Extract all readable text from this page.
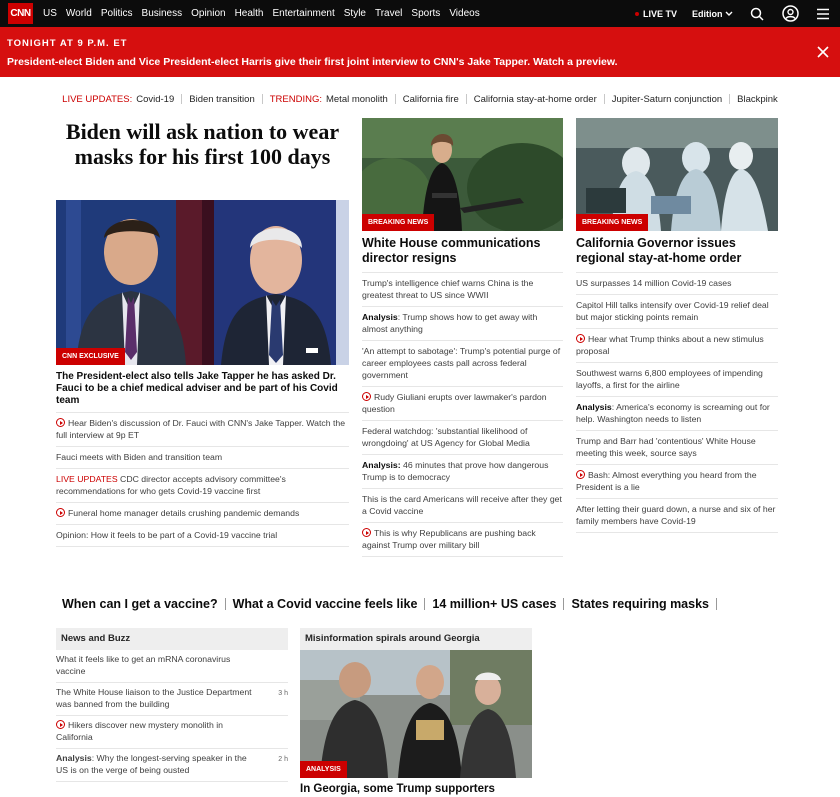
CNN US World Politics Business Opinion Health Entertainment Style Travel Sports Videos	LIVE TV Edition
TONIGHT AT 9 P.M. ET
President-elect Biden and Vice President-elect Harris give their first joint interview to CNN's Jake Tapper. Watch a preview.
LIVE UPDATES: Covid-19 Biden transition TRENDING: Metal monolith California fire California stay-at-home order Jupiter-Saturn conjunction Blackpink
Biden will ask nation to wear masks for his first 100 days
CNN EXCLUSIVE
The President-elect also tells Jake Tapper he has asked Dr. Fauci to be a chief medical adviser and be part of his Covid team
Hear Biden's discussion of Dr. Fauci with CNN's Jake Tapper. Watch the full interview at 9p ET
Fauci meets with Biden and transition team
LIVE UPDATES CDC director accepts advisory committee's recommendations for who gets Covid-19 vaccine first
Funeral home manager details crushing pandemic demands
Opinion: How it feels to be part of a Covid-19 vaccine trial
BREAKING NEWS
White House communications director resigns
Trump's intelligence chief warns China is the greatest threat to US since WWII
Analysis: Trump shows how to get away with almost anything
'An attempt to sabotage': Trump's potential purge of career employees casts pall across federal government
Rudy Giuliani erupts over lawmaker's pardon question
Federal watchdog: 'substantial likelihood of wrongdoing' at US Agency for Global Media
Analysis: 46 minutes that prove how dangerous Trump is to democracy
This is the card Americans will receive after they get a Covid vaccine
This is why Republicans are pushing back against Trump over military bill
BREAKING NEWS
California Governor issues regional stay-at-home order
US surpasses 14 million Covid-19 cases
Capitol Hill talks intensify over Covid-19 relief deal but major sticking points remain
Hear what Trump thinks about a new stimulus proposal
Southwest warns 6,800 employees of impending layoffs, a first for the airline
Analysis: America's economy is screaming out for help. Washington needs to listen
Trump and Barr had 'contentious' White House meeting this week, source says
Bash: Almost everything you heard from the President is a lie
After letting their guard down, a nurse and six of her family members have Covid-19
When can I get a vaccine? What a Covid vaccine feels like 14 million+ US cases States requiring masks
News and Buzz
What it feels like to get an mRNA coronavirus vaccine
The White House liaison to the Justice Department was banned from the building
3 h
Hikers discover new mystery monolith in California
Analysis: Why the longest-serving speaker in the US is on the verge of being ousted
2 h
Misinformation spirals around Georgia
ANALYSIS
In Georgia, some Trump supporters
